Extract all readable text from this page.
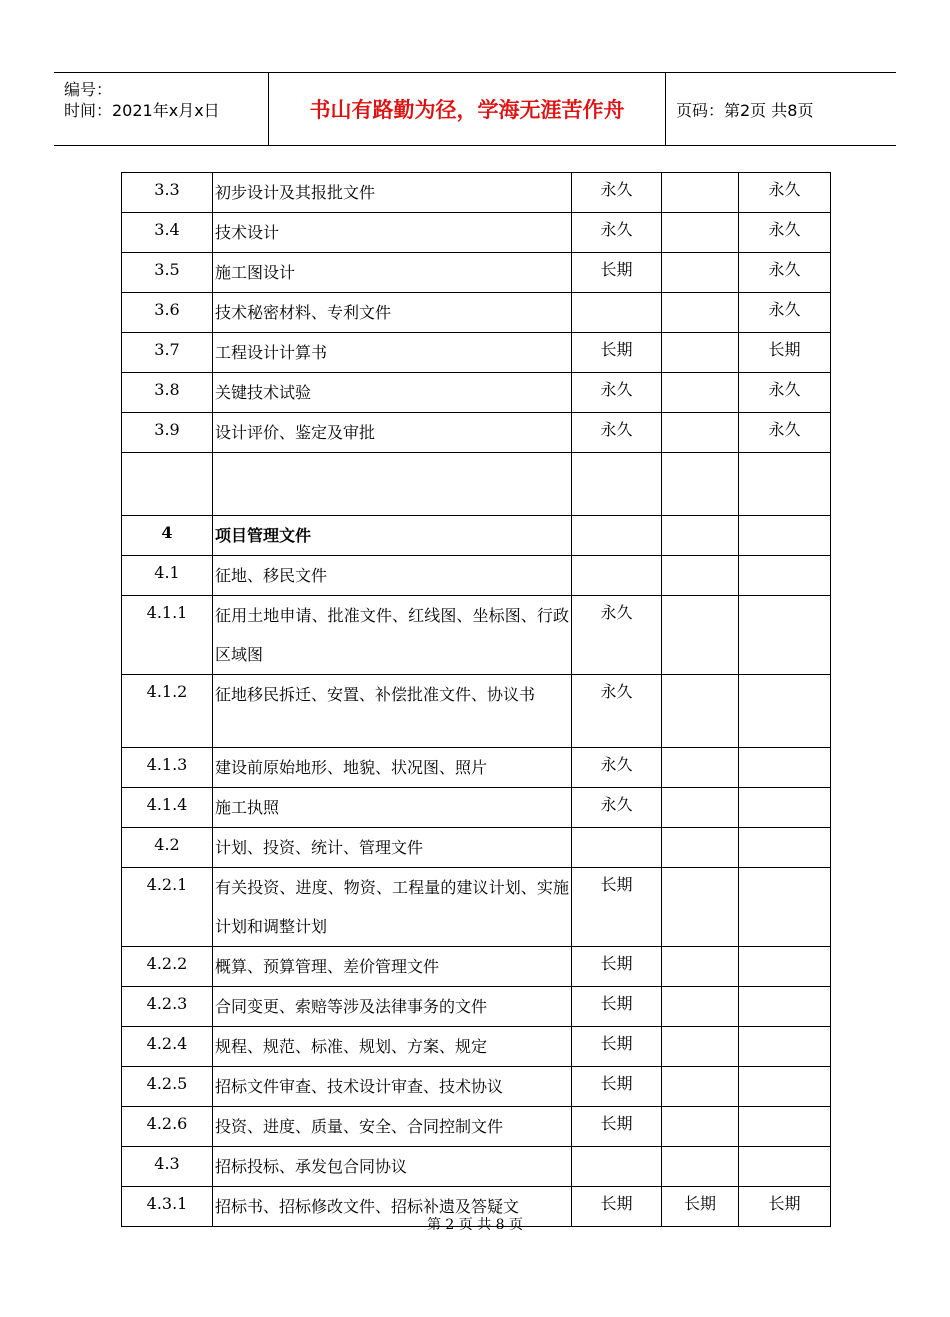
编号：
时间：2021年x月x日	书山有路勤为径，学海无涯苦作舟	页码：第2页 共8页
3.3	初步设计及其报批文件	永久		永久
3.4	技术设计	永久		永久
3.5	施工图设计	长期		永久
3.6	技术秘密材料、专利文件			永久
3.7	工程设计计算书	长期		长期
3.8	关键技术试验	永久		永久
3.9	设计评价、鉴定及审批	永久		永久

4	项目管理文件			
4.1	征地、移民文件			
4.1.1	征用土地申请、批准文件、红线图、坐标图、行政区域图	永久		
4.1.2	征地移民拆迁、安置、补偿批准文件、协议书	永久		
4.1.3	建设前原始地形、地貌、状况图、照片	永久		
4.1.4	施工执照	永久		
4.2	计划、投资、统计、管理文件			
4.2.1	有关投资、进度、物资、工程量的建议计划、实施计划和调整计划	长期		
4.2.2	概算、预算管理、差价管理文件	长期		
4.2.3	合同变更、索赔等涉及法律事务的文件	长期		
4.2.4	规程、规范、标准、规划、方案、规定	长期		
4.2.5	招标文件审查、技术设计审查、技术协议	长期		
4.2.6	投资、进度、质量、安全、合同控制文件	长期		
4.3	招标投标、承发包合同协议			
4.3.1	招标书、招标修改文件、招标补遗及答疑文	长期	长期	长期
第 2 页 共 8 页
